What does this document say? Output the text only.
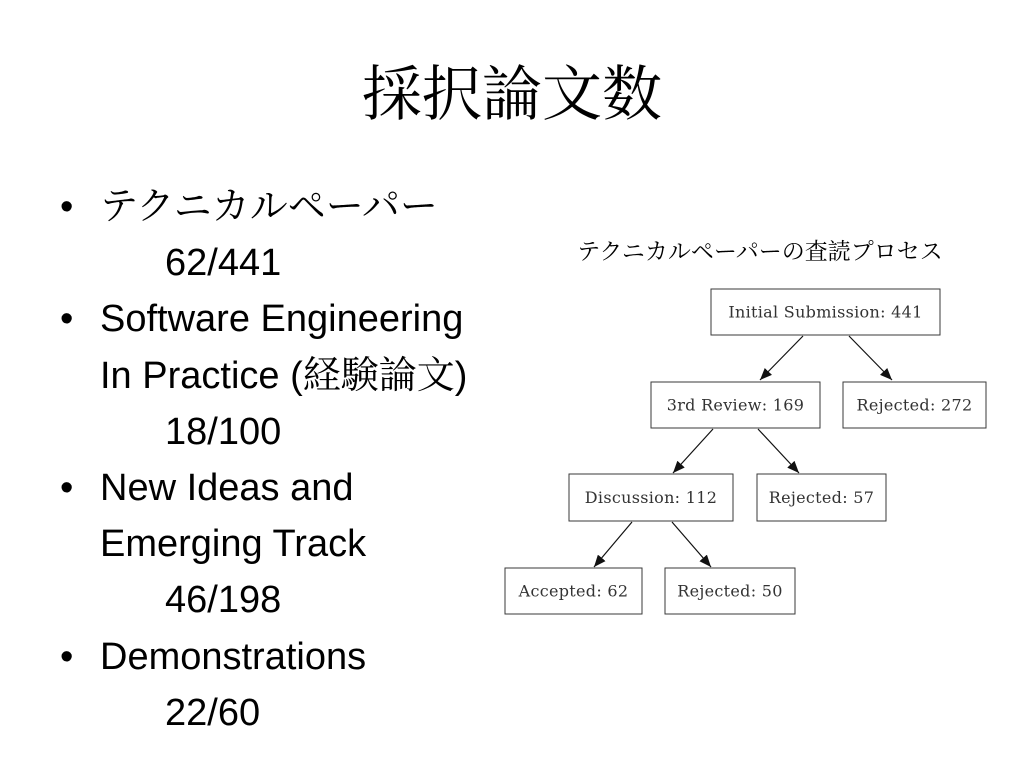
採択論文数
• テクニカルペーパー
62/441
• Software Engineering
In Practice (経験論文)
18/100
• New Ideas and
Emerging Track
46/198
• Demonstrations
22/60
テクニカルペーパーの査読プロセス
Initial Submission: 441
3rd Review: 169	Rejected: 272
Discussion: 112	Rejected: 57
Accepted: 62	Rejected: 50
